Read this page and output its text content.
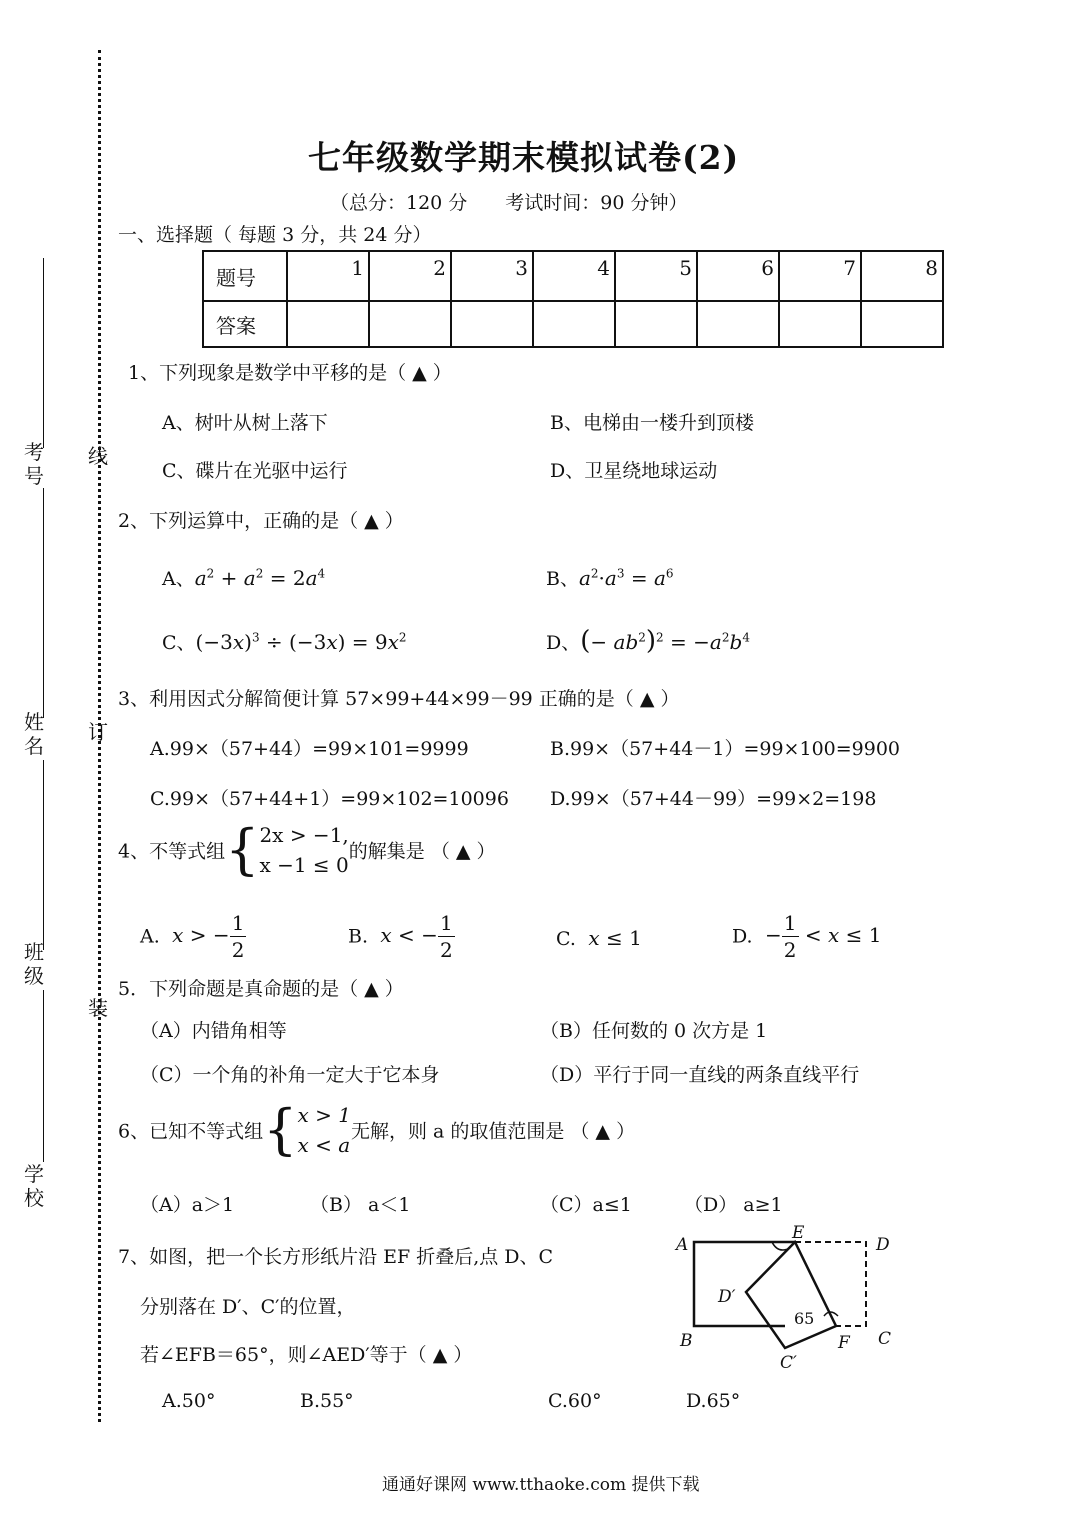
线
订
装
考号
姓名
班级
学校
七年级数学期末模拟试卷(2)
（总分：120 分　　考试时间：90 分钟）
一、选择题（ 每题 3 分，共 24 分）
题号	1	2	3	4	5	6	7	8
答案								
1、下列现象是数学中平移的是（ ▲ ）
A、树叶从树上落下	B、电梯由一楼升到顶楼
C、碟片在光驱中运行	D、卫星绕地球运动
2、下列运算中，正确的是（ ▲ ）
A、$a^2 + a^2 = 2a^4$	B、$a^2\cdot a^3 = a^6$
C、$(-3x)^3 \div (-3x) = 9x^2$	D、(− $ab^2)^2 = -a^2b^4$
3、利用因式分解简便计算 57×99+44×99－99 正确的是（ ▲ ）
A.99×（57+44）=99×101=9999	B.99×（57+44－1）=99×100=9900
C.99×（57+44+1）=99×102=10096 D.99×（57+44－99）=99×2=198
4、不等式组{ 2x > −1,
x −1 ≤ 0
的解集是 （ ▲ ）
A. x > − $\frac{1}{2}$	B. x < − $\frac{1}{2}$	C. x ≤ 1	D.  − $\frac{1}{2} < x \le 1$
5．下列命题是真命题的是（ ▲ ）
（A）内错角相等	（B）任何数的 0 次方是 1
（C）一个角的补角一定大于它本身	（D）平行于同一直线的两条直线平行
6、已知不等式组{ x > 1
x < a
无解，则 a 的取值范围是 （ ▲ ）
（A）a＞1	（B） a＜1	（C）a≤1	（D） a≥1
7、如图，把一个长方形纸片沿 EF 折叠后,点 D、C
分别落在 D′、C′的位置，
若∠EFB＝65°，则∠AED′等于（ ▲ ）
A.50°	B.55°	C.60°	D.65°
A
B	C
D
E
F
D′
C′
65
通通好课网 www.tthaoke.com 提供下载
